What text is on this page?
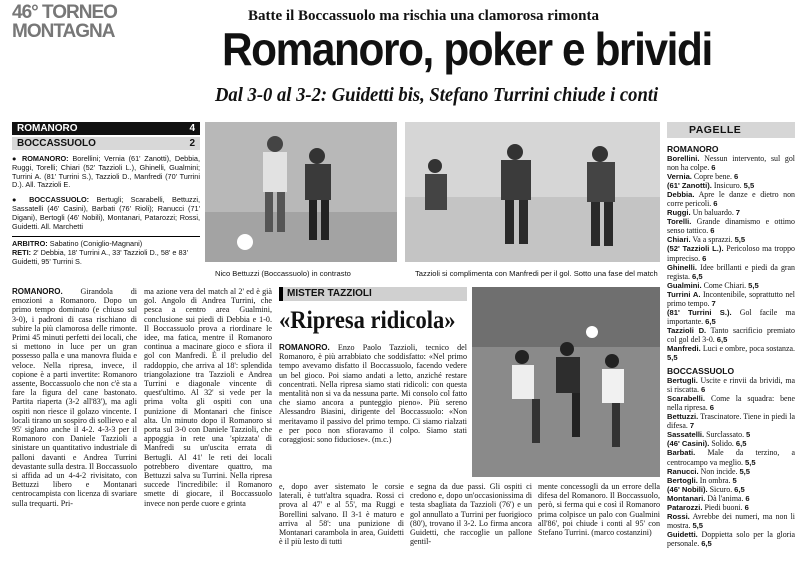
46° TORNEO
MONTAGNA
Batte il Boccassuolo ma rischia una clamorosa rimonta
Romanoro, poker e brividi
Dal 3-0 al 3-2: Guidetti bis, Stefano Turrini chiude i conti
ROMANORO	4
BOCCASSUOLO	2
● ROMANORO: Borellini; Vernia (61' Zanotti), Debbia, Ruggi, Torelli; Chiari (52' Tazzioli L.), Ghinelli, Gualmini; Turrini A. (81' Turrini S.), Tazzioli D., Manfredi (70' Turrini D.). All. Tazzioli E.
● BOCCASSUOLO: Bertugli; Scarabelli, Bettuzzi, Sassatelli (46' Casini), Barbati (76' Rioli); Ranucci (71' Digani), Bertogli (46' Nobili), Montanari, Patarozzi; Rossi, Guidetti. All. Marchetti
ARBITRO: Sabatino (Coniglio-Magnani)
RETI: 2' Debbia, 18' Turrini A., 33' Tazzioli D., 58' e 83' Guidetti, 95' Turrini S.
Nico Bettuzzi (Boccassuolo) in contrasto	Tazzioli si complimenta con Manfredi per il gol. Sotto una fase del match

ROMANORO. Girandola di emozioni a Romanoro. Dopo un primo tempo dominato (e chiuso sul 3-0), i padroni di casa rischiano di subire la più clamorosa delle rimonte. Primi 45 minuti perfetti dei locali, che si mettono in luce per un gran possesso palla e una manovra fluida e veloce. Nella ripresa, invece, il copione è a parti invertite: Romanoro assente, Boccassuolo che non c'è sta a fare la figura del cane bastonato. Partita riaperta (3-2 all'83'), ma agli ospiti non riesce il golazo vincente. I locali tirano un sospiro di sollievo e al 95' siglano anche il 4-2. 4-3-3 per il Romanoro con Daniele Tazzioli a sinistare un quantitativo industriale di palloni davanti e Andrea Turrini devastante sulla destra. Il Boccassuolo si affida ad un 4-4-2 rivisitato, con Bettuzzi libero e Montanari centrocampista con licenza di svariare sulla trequarti. Pri-

ma azione vera del match al 2' ed è già gol. Angolo di Andrea Turrini, che pesca a centro area Gualmini, conclusione sui piedi di Debbia e 1-0. Il Boccassuolo prova a riordinare le idee, ma fatica, mentre il Romanoro continua a macinare gioco e sfiora il gol con Manfredi. È il preludio del raddoppio, che arriva al 18': splendida triangolazione tra Tazzioli e Andrea Turrini e diagonale vincente di quest'ultimo. Al 32' si vede per la prima volta gli ospiti con una punizione di Montanari che finisce alta. Un minuto dopo il Romanoro si porta sul 3-0 con Daniele Tazzioli, che appoggia in rete una 'spizzata' di Manfredi su un'uscita errata di Bertugli. Al 41' le reti dei locali potrebbero diventare quattro, ma Bettuzzi salva su Turrini. Nella ripresa succede l'incredibile: il Romanoro smette di giocare, il Boccassuolo invece non perde cuore e grinta

MISTER TAZZIOLI
«Ripresa ridicola»

ROMANORO. Enzo Paolo Tazzioli, tecnico del Romanoro, è più arrabbiato che soddisfatto: «Nel primo tempo avevamo disfatto il Boccassuolo, facendo vedere un bel gioco. Poi siamo andati a letto, anziché restare concentrati. Nella ripresa siamo stati ridicoli: con questa mentalità non si va da nessuna parte. Mi consolo col fatto che siamo ancora a punteggio pieno». Più sereno Alessandro Biasini, dirigente del Boccassuolo: «Non meritavamo il passivo del primo tempo. Ci siamo rialzati e per poco non sfioravamo il colpo. Siamo stati coraggiosi: sono fiduciose». (m.c.)

e, dopo aver sistemato le corsie laterali, è tutt'altra squadra. Rossi ci prova al 47' e al 55', ma Ruggi e Borellini salvano. Il 3-1 è maturo e arriva al 58': una punizione di Montanari carambola in area, Guidetti è il più lesto di tutti

e segna da due passi. Gli ospiti ci credono e, dopo un'occasionissima di testa sbagliata da Tazzioli (76') e un gol annullato a Turrini per fuorigioco (80'), trovano il 3-2. Lo firma ancora Guidetti, che raccoglie un pallone gentil-

mente concessogli da un errore della difesa del Romanoro. Il Boccassuolo, però, si ferma qui e così il Romanoro prima colpisce un palo con Gualmini all'86', poi chiude i conti al 95' con Stefano Turrini. (marco costanzini)

PAGELLE
ROMANORO
Borellini. Nessun intervento, sul gol non ha colpe. 6
Vernia. Copre bene. 6
(61' Zanotti). Insicuro. 5,5
Debbia. Apre le danze e dietro non corre pericoli. 6
Ruggi. Un baluardo. 7
Torelli. Grande dinamismo e ottimo senso tattico. 6
Chiari. Va a sprazzi. 5,5
(52' Tazzioli L.). Pericoloso ma troppo impreciso. 6
Ghinelli. Idee brillanti e piedi da gran regista. 6,5
Gualmini. Come Chiari. 5,5
Turrini A. Incontenibile, soprattutto nel primo tempo. 7
(81' Turrini S.). Gol facile ma importante. 6,5
Tazzioli D. Tanto sacrificio premiato col gol del 3-0. 6,5
Manfredi. Luci e ombre, poca sostanza. 5,5
BOCCASSUOLO
Bertugli. Uscite e rinvii da brividi, ma si riscatta. 6
Scarabelli. Come la squadra: bene nella ripresa. 6
Bettuzzi. Trascinatore. Tiene in piedi la difesa. 7
Sassatelli. Surclassato. 5
(46' Casini). Solido. 6,5
Barbati. Male da terzino, a centrocampo va meglio. 5,5
Ranucci. Non incide. 5,5
Bertogli. In ombra. 5
(46' Nobili). Sicuro. 6,5
Montanari. Dà l'anima. 6
Patarozzi. Piedi buoni. 6
Rossi. Avrebbe dei numeri, ma non li mostra. 5,5
Guidetti. Doppietta solo per la gloria personale. 6,5
